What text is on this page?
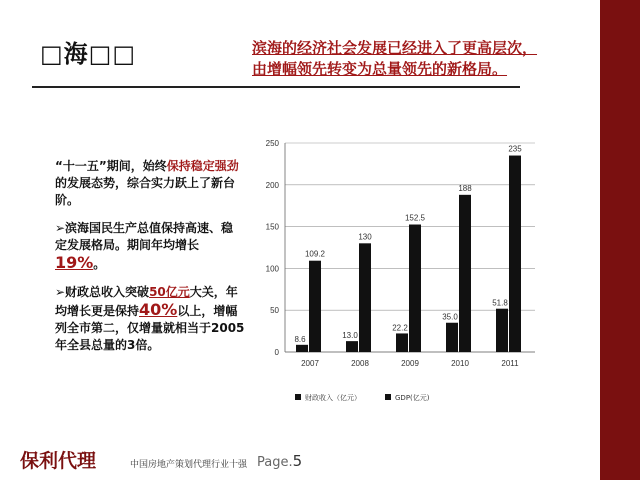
□海□□	滨海的经济社会发展已经进入了更高层次，
由增幅领先转变为总量领先的新格局。

“十一五”期间，始终保持稳定强劲的发展态势，综合实力跃上了新台阶。

➢滨海国民生产总值保持高速、稳定发展格局。期间年均增长19%。

➢财政总收入突破50亿元大关，年均增长更是保持40%以上，增幅列全市第二，仅增量就相当于2005年全县总量的3倍。

0
50
100
150
200
250
8.6
109.2
2007
13.0
130
2008
22.2
152.5
2009
35.0
188
2010
51.8
235
2011
财政收入（亿元）	GDP(亿元)
保利代理	中国房地产策划代理行业十强 Page.5
